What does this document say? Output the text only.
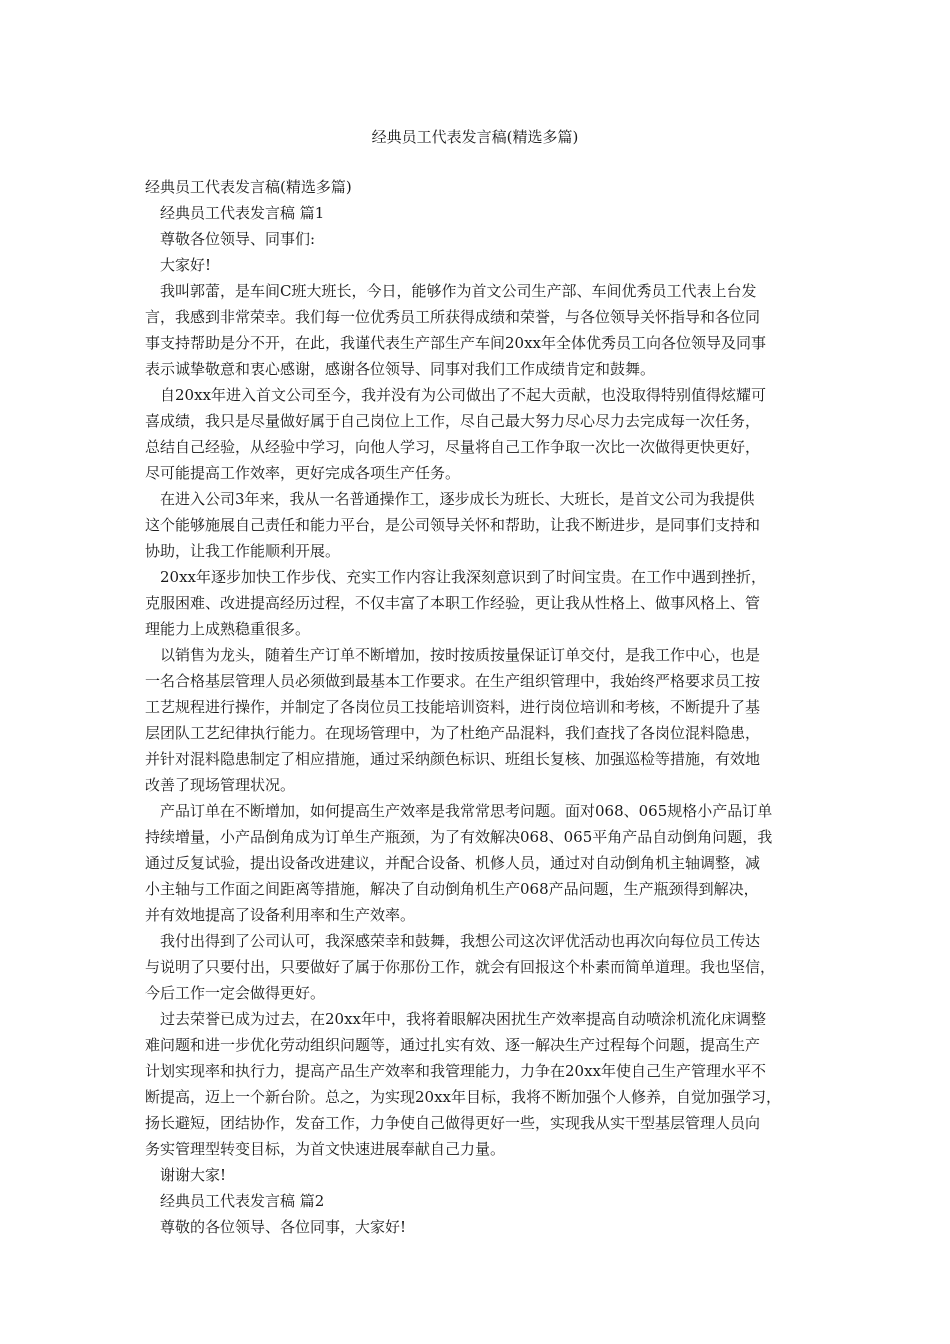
经典员工代表发言稿(精选多篇)
经典员工代表发言稿(精选多篇)
经典员工代表发言稿 篇1
尊敬各位领导、同事们:
大家好!
我叫郭蕾，是车间C班大班长，今日，能够作为首文公司生产部、车间优秀员工代表上台发
言，我感到非常荣幸。我们每一位优秀员工所获得成绩和荣誉，与各位领导关怀指导和各位同
事支持帮助是分不开，在此，我谨代表生产部生产车间20xx年全体优秀员工向各位领导及同事
表示诚挚敬意和衷心感谢，感谢各位领导、同事对我们工作成绩肯定和鼓舞。
自20xx年进入首文公司至今，我并没有为公司做出了不起大贡献，也没取得特别值得炫耀可
喜成绩，我只是尽量做好属于自己岗位上工作，尽自己最大努力尽心尽力去完成每一次任务，
总结自己经验，从经验中学习，向他人学习，尽量将自己工作争取一次比一次做得更快更好，
尽可能提高工作效率，更好完成各项生产任务。
在进入公司3年来，我从一名普通操作工，逐步成长为班长、大班长，是首文公司为我提供
这个能够施展自己责任和能力平台，是公司领导关怀和帮助，让我不断进步，是同事们支持和
协助，让我工作能顺利开展。
20xx年逐步加快工作步伐、充实工作内容让我深刻意识到了时间宝贵。在工作中遇到挫折，
克服困难、改进提高经历过程，不仅丰富了本职工作经验，更让我从性格上、做事风格上、管
理能力上成熟稳重很多。
以销售为龙头，随着生产订单不断增加，按时按质按量保证订单交付，是我工作中心，也是
一名合格基层管理人员必须做到最基本工作要求。在生产组织管理中，我始终严格要求员工按
工艺规程进行操作，并制定了各岗位员工技能培训资料，进行岗位培训和考核，不断提升了基
层团队工艺纪律执行能力。在现场管理中，为了杜绝产品混料，我们查找了各岗位混料隐患，
并针对混料隐患制定了相应措施，通过采纳颜色标识、班组长复核、加强巡检等措施，有效地
改善了现场管理状况。
产品订单在不断增加，如何提高生产效率是我常常思考问题。面对068、065规格小产品订单
持续增量，小产品倒角成为订单生产瓶颈，为了有效解决068、065平角产品自动倒角问题，我
通过反复试验，提出设备改进建议，并配合设备、机修人员，通过对自动倒角机主轴调整，减
小主轴与工作面之间距离等措施，解决了自动倒角机生产068产品问题，生产瓶颈得到解决，
并有效地提高了设备利用率和生产效率。
我付出得到了公司认可，我深感荣幸和鼓舞，我想公司这次评优活动也再次向每位员工传达
与说明了只要付出，只要做好了属于你那份工作，就会有回报这个朴素而简单道理。我也坚信，
今后工作一定会做得更好。
过去荣誉已成为过去，在20xx年中，我将着眼解决困扰生产效率提高自动喷涂机流化床调整
难问题和进一步优化劳动组织问题等，通过扎实有效、逐一解决生产过程每个问题，提高生产
计划实现率和执行力，提高产品生产效率和我管理能力，力争在20xx年使自己生产管理水平不
断提高，迈上一个新台阶。总之，为实现20xx年目标，我将不断加强个人修养，自觉加强学习，
扬长避短，团结协作，发奋工作，力争使自己做得更好一些，实现我从实干型基层管理人员向
务实管理型转变目标，为首文快速进展奉献自己力量。
谢谢大家!
经典员工代表发言稿 篇2
尊敬的各位领导、各位同事，大家好!
